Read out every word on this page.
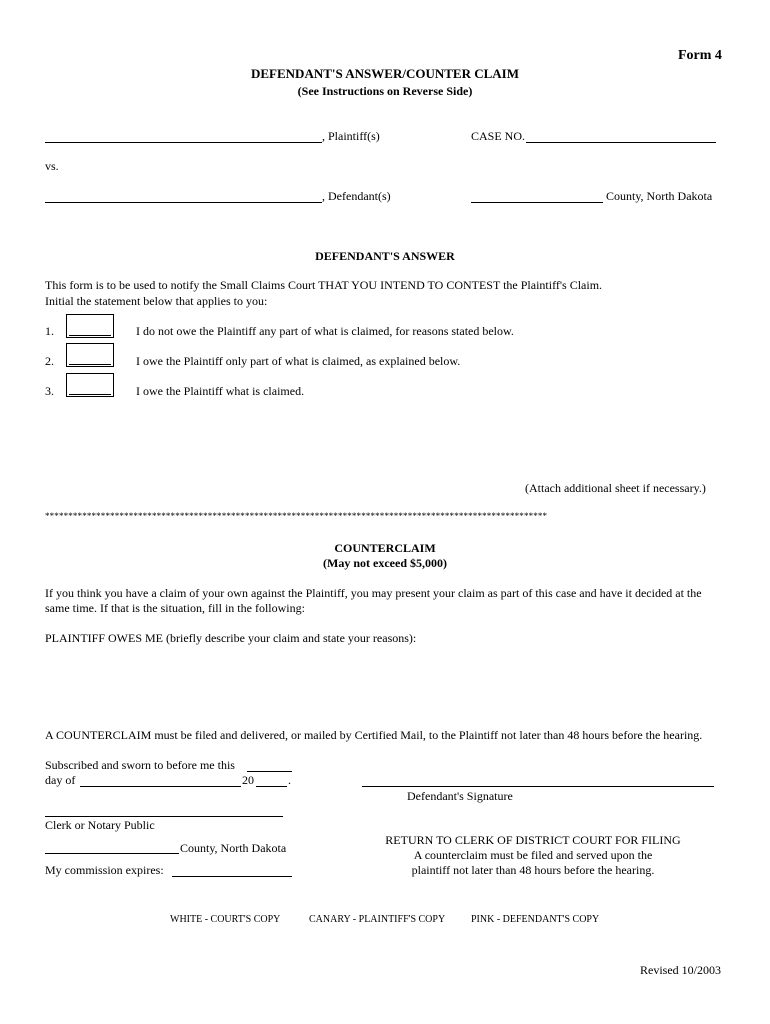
Form 4
DEFENDANT'S ANSWER/COUNTER CLAIM
(See Instructions on Reverse Side)
, Plaintiff(s)	CASE NO.
vs.
, Defendant(s)	County, North Dakota
DEFENDANT'S ANSWER
This form is to be used to notify the Small Claims Court THAT YOU INTEND TO CONTEST the Plaintiff's Claim.
Initial the statement below that applies to you:
1.	I do not owe the Plaintiff any part of what is claimed, for reasons stated below.
2.	I owe the Plaintiff only part of what is claimed, as explained below.
3.	I owe the Plaintiff what is claimed.
(Attach additional sheet if necessary.)
************************************************************************************************************
COUNTERCLAIM
(May not exceed $5,000)
If you think you have a claim of your own against the Plaintiff, you may present your claim as part of this case and have it decided at the
same time. If that is the situation, fill in the following:
PLAINTIFF OWES ME (briefly describe your claim and state your reasons):
A COUNTERCLAIM must be filed and delivered, or mailed by Certified Mail, to the Plaintiff not later than 48 hours before the hearing.
Subscribed and sworn to before me this
day of	20	.
Defendant's Signature
Clerk or Notary Public
County, North Dakota
My commission expires:
RETURN TO CLERK OF DISTRICT COURT FOR FILING
A counterclaim must be filed and served upon the
plaintiff not later than 48 hours before the hearing.
WHITE - COURT'S COPY	CANARY - PLAINTIFF'S COPY	PINK - DEFENDANT'S COPY
Revised 10/2003
